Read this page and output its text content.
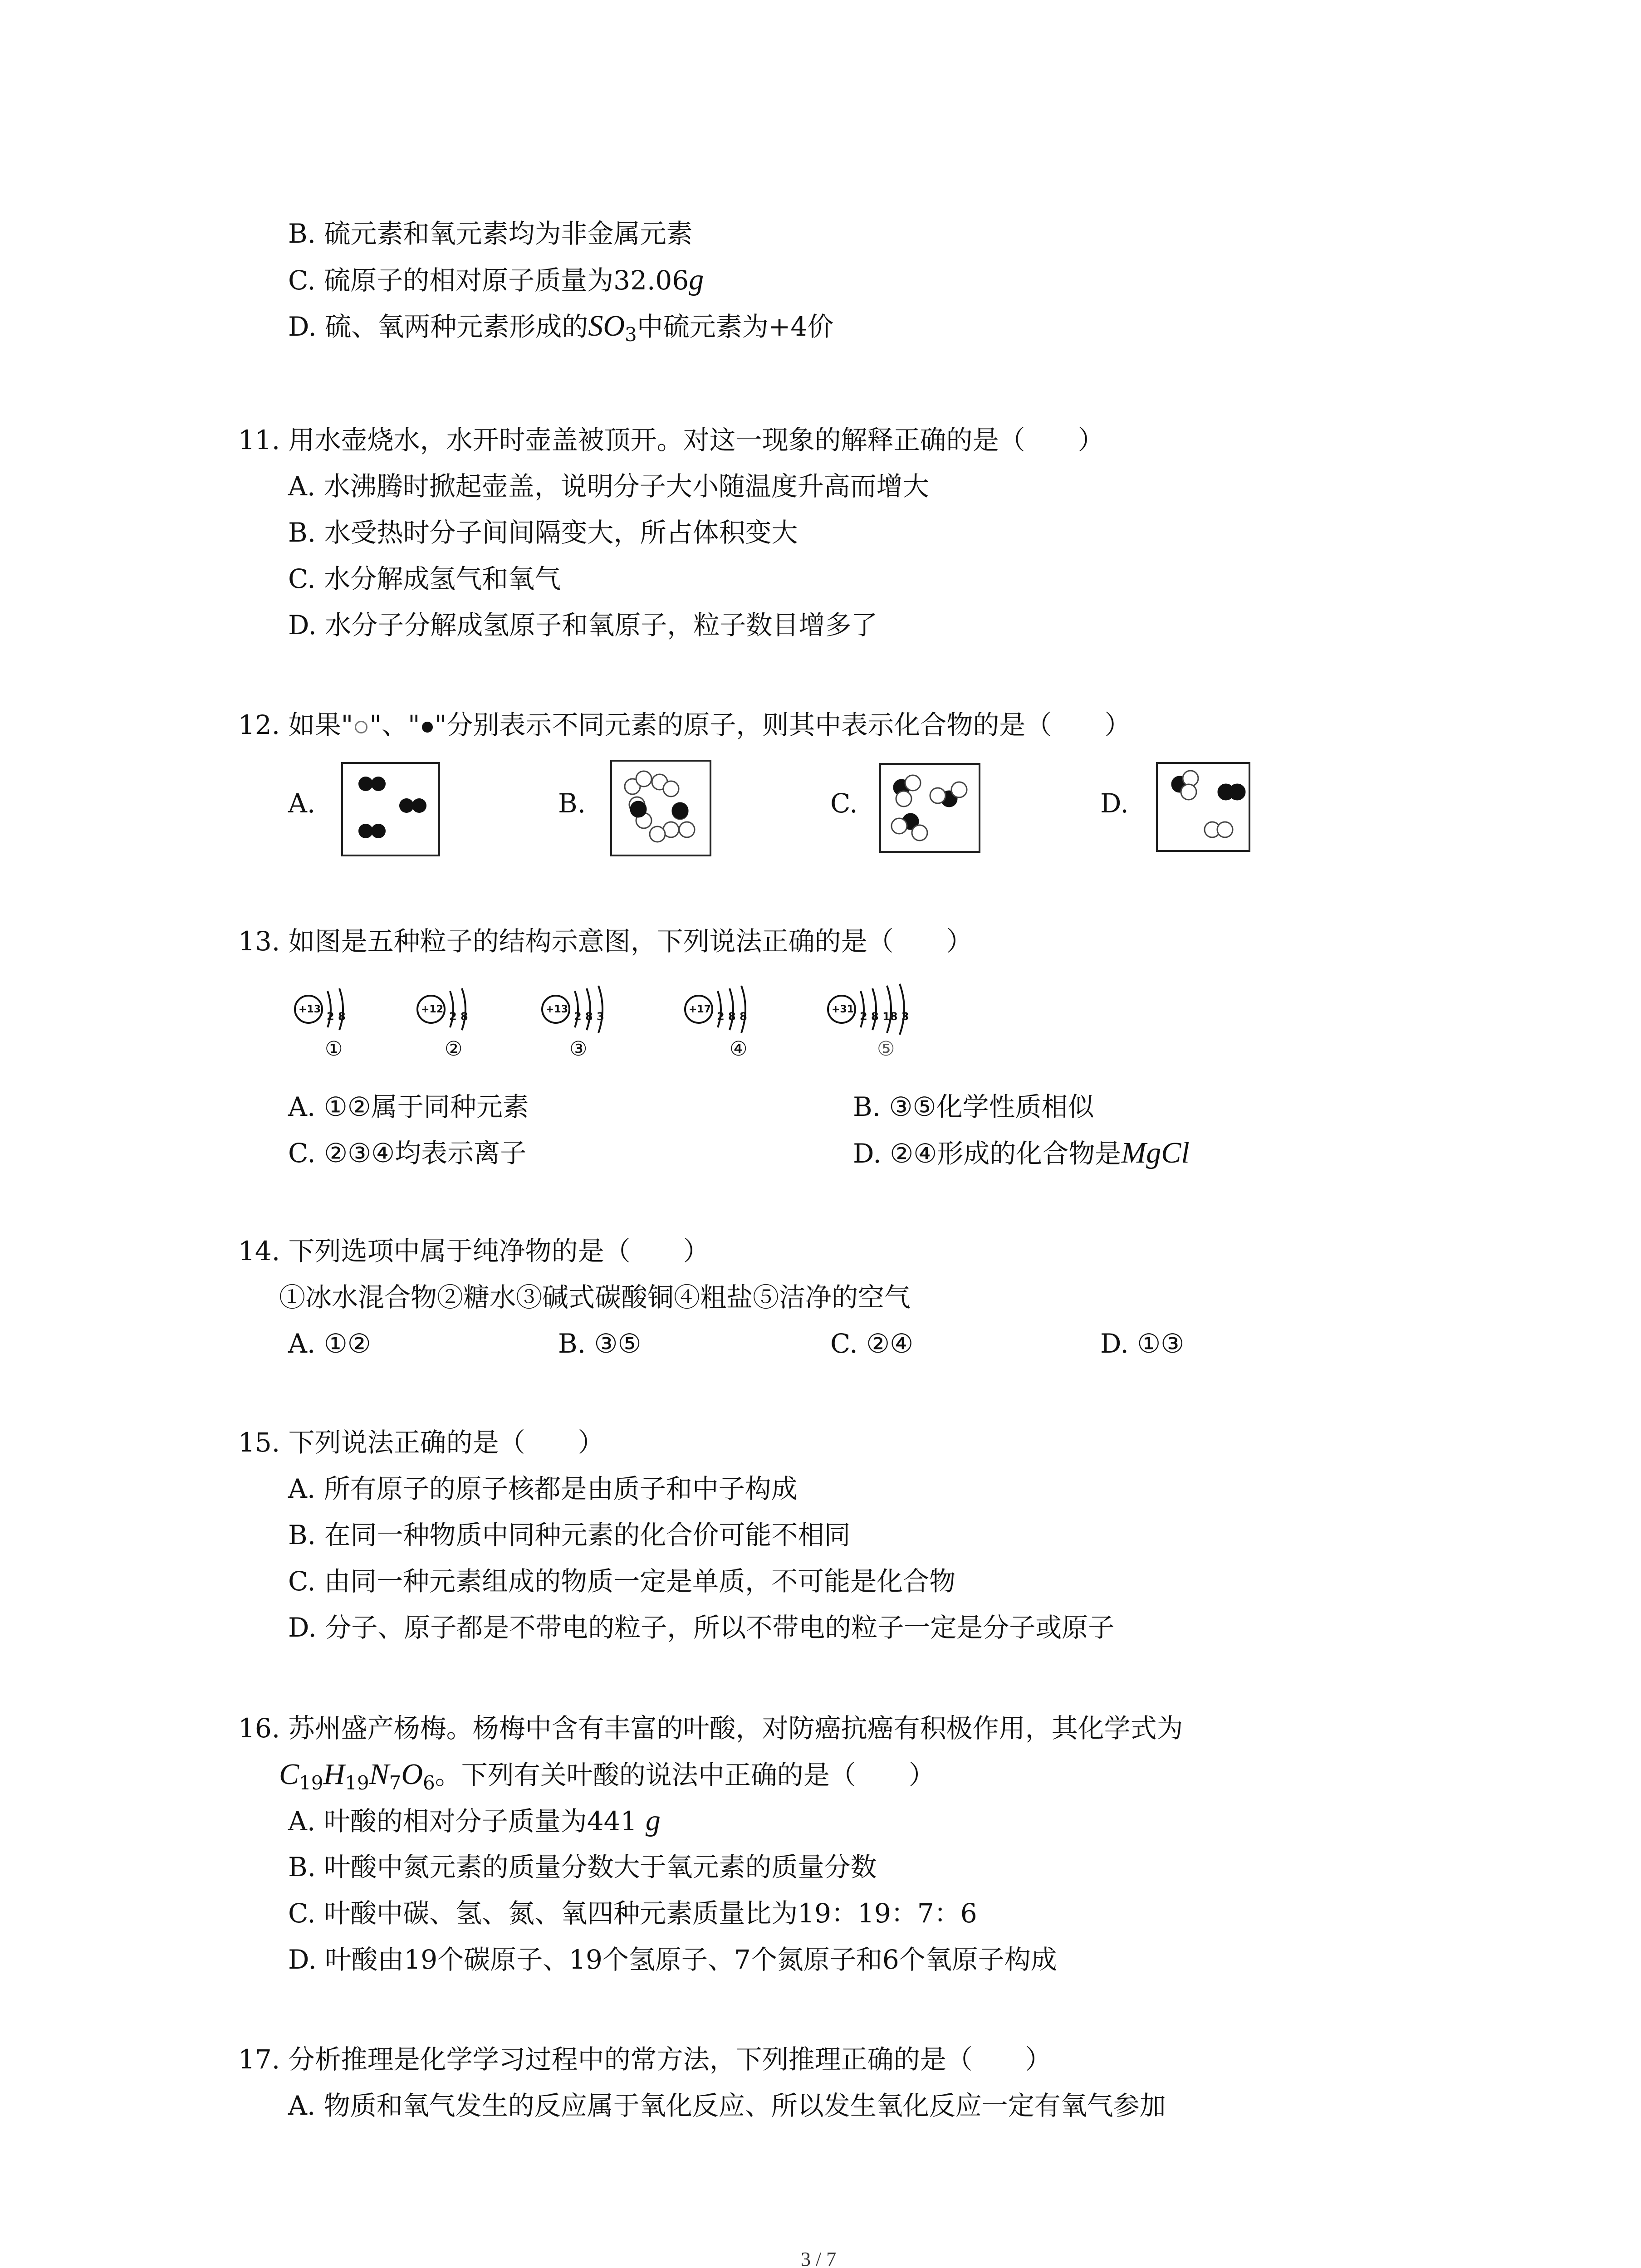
B. 硫元素和氧元素均为非金属元素
C. 硫原子的相对原子质量为32.06g
D. 硫、氧两种元素形成的$SO_3$中硫元素为+4价
11. 用水壶烧水，水开时壶盖被顶开。对这一现象的解释正确的是（　　）
A. 水沸腾时掀起壶盖，说明分子大小随温度升高而增大
B. 水受热时分子间间隔变大，所占体积变大
C. 水分解成氢气和氧气
D. 水分子分解成氢原子和氧原子，粒子数目增多了
12. 如果" "、" "分别表示不同元素的原子，则其中表示化合物的是（　　）
A.	B.	C.	D.
13. 如图是五种粒子的结构示意图，下列说法正确的是（　　）
+13
2 8
①
+12
2 8
②
+13
2 8 3
③
+17
2 8 8
④
+31
2 8 18 3
⑤
A. ①②属于同种元素	B. ③⑤化学性质相似
C. ②③④均表示离子	D. ②④形成的化合物是MgCl
14. 下列选项中属于纯净物的是（　　）
①冰水混合物②糖水③碱式碳酸铜④粗盐⑤洁净的空气
A. ①②	B. ③⑤	C. ②④	D. ①③
15. 下列说法正确的是（　　）
A. 所有原子的原子核都是由质子和中子构成
B. 在同一种物质中同种元素的化合价可能不相同
C. 由同一种元素组成的物质一定是单质，不可能是化合物
D. 分子、原子都是不带电的粒子，所以不带电的粒子一定是分子或原子
16. 苏州盛产杨梅。杨梅中含有丰富的叶酸，对防癌抗癌有积极作用，其化学式为
$C_{19}H_{19}N_7O_6$。下列有关叶酸的说法中正确的是（　　）
A. 叶酸的相对分子质量为441 g
B. 叶酸中氮元素的质量分数大于氧元素的质量分数
C. 叶酸中碳、氢、氮、氧四种元素质量比为19：19：7：6
D. 叶酸由19个碳原子、19个氢原子、7个氮原子和6个氧原子构成
17. 分析推理是化学学习过程中的常方法，下列推理正确的是（　　）
A. 物质和氧气发生的反应属于氧化反应、所以发生氧化反应一定有氧气参加
3 / 7
